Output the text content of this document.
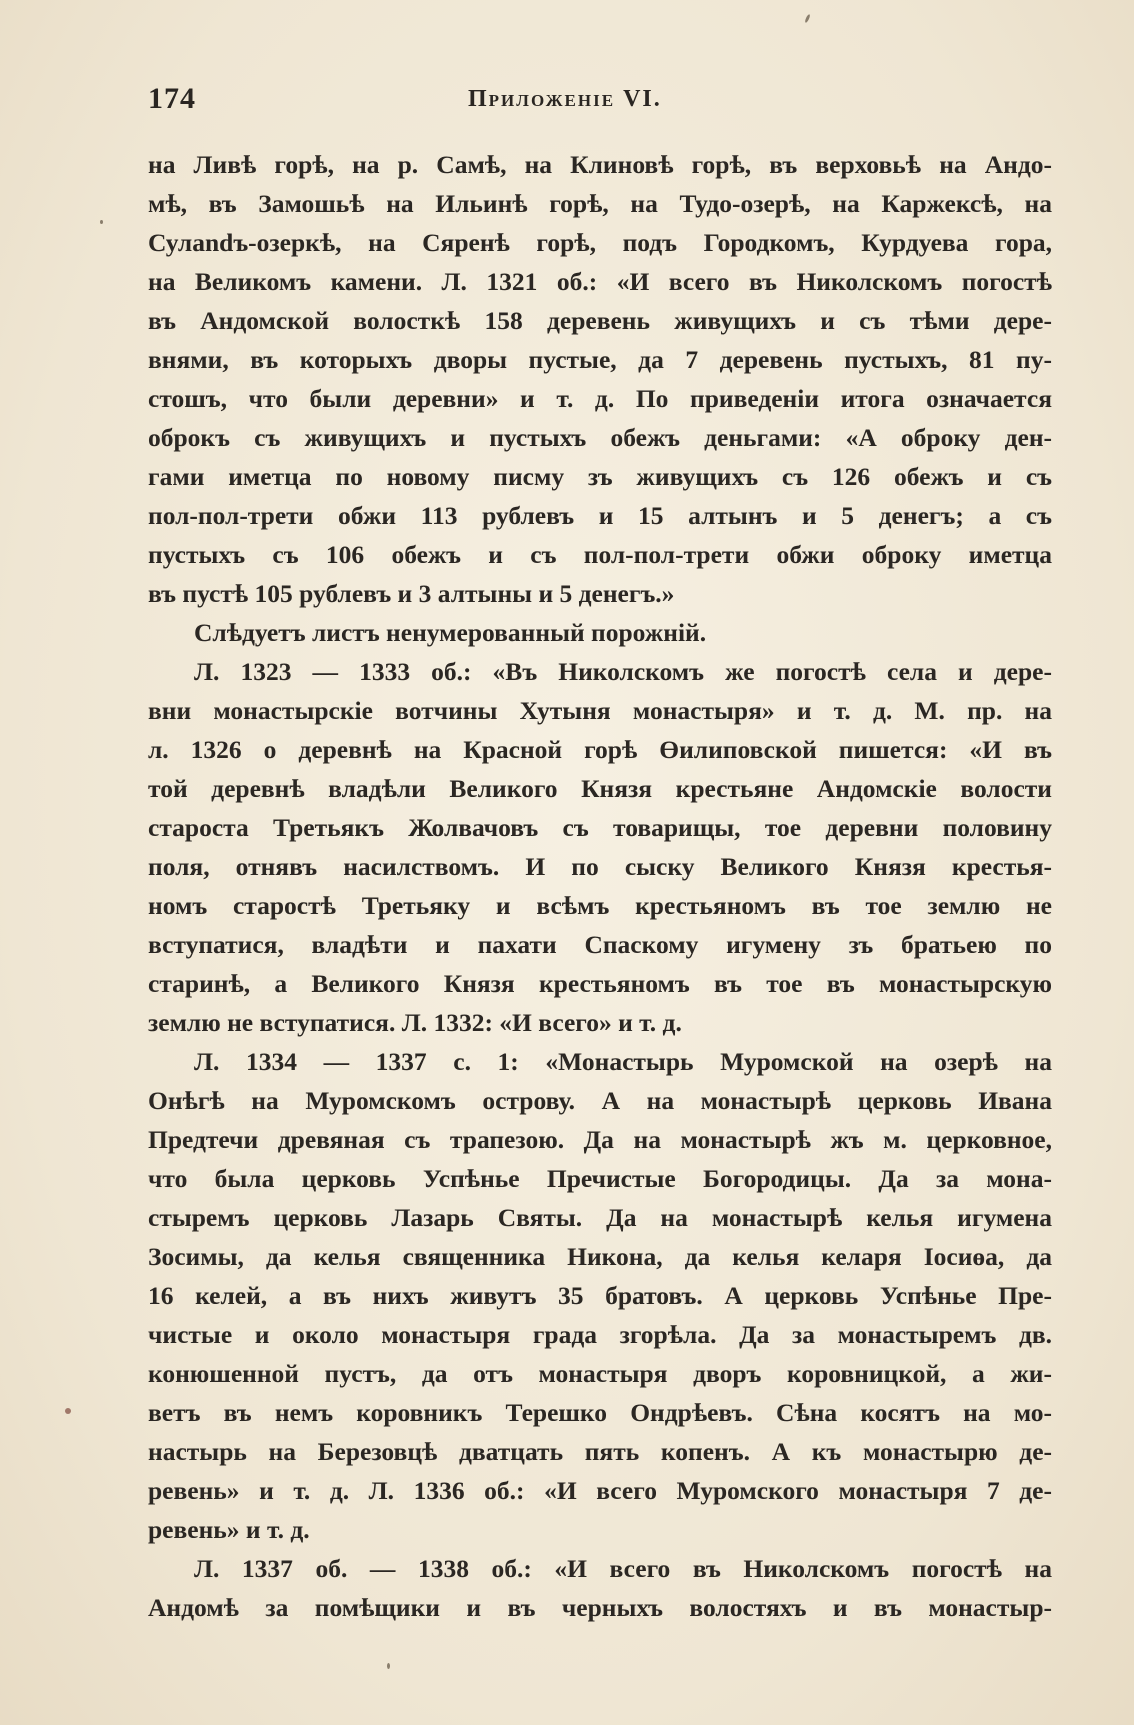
174	Приложенiе VI.
на Ливѣ горѣ, на р. Самѣ, на Клиновѣ горѣ, въ верховьѣ на Андо-
мѣ, въ Замошьѣ на Ильинѣ горѣ, на Тудо-озерѣ, на Каржексѣ, на
Сулandъ-озеркѣ, на Сяренѣ горѣ, подъ Городкомъ, Курдуева гора,
на Великомъ камени. Л. 1321 об.: «И всего въ Николскомъ погостѣ
въ Андомской волосткѣ 158 деревень живущихъ и съ тѣми дере-
внями, въ которыхъ дворы пустые, да 7 деревень пустыхъ, 81 пу-
стошъ, что были деревни» и т. д. По приведенiи итога означается
оброкъ съ живущихъ и пустыхъ обежъ деньгами: «А оброку ден-
гами иметца по новому писму зъ живущихъ съ 126 обежъ и съ
пол-пол-трети обжи 113 рублевъ и 15 алтынъ и 5 денегъ; а съ
пустыхъ съ 106 обежъ и съ пол-пол-трети обжи оброку иметца
въ пустѣ 105 рублевъ и 3 алтыны и 5 денегъ.»
Слѣдуетъ листъ ненумерованный порожнiй.
Л. 1323 — 1333 об.: «Въ Николскомъ же погостѣ села и дере-
вни монастырскiе вотчины Хутыня монастыря» и т. д. М. пр. на
л. 1326 о деревнѣ на Красной горѣ Өилиповской пишется: «И въ
той деревнѣ владѣли Великого Князя крестьяне Андомскiе волости
староста Третьякъ Жолвачовъ съ товарищы, тое деревни половину
поля, отнявъ насилствомъ. И по сыску Великого Князя крестья-
номъ старостѣ Третьяку и всѣмъ крестьяномъ въ тое землю не
вступатися, владѣти и пахати Спаскому игумену зъ братьею по
старинѣ, а Великого Князя крестьяномъ въ тое въ монастырскую
землю не вступатися. Л. 1332: «И всего» и т. д.
Л. 1334 — 1337 с. 1: «Монастырь Муромской на озерѣ на
Онѣгѣ на Муромскомъ острову. А на монастырѣ церковь Ивана
Предтечи древяная съ трапезою. Да на монастырѣ жъ м. церковное,
что была церковь Успѣнье Пречистые Богородицы. Да за мона-
стыремъ церковь Лазарь Святы. Да на монастырѣ келья игумена
Зосимы, да келья священника Никона, да келья келаря Iосиөа, да
16 келей, а въ нихъ живутъ 35 братовъ. А церковь Успѣнье Пре-
чистые и около монастыря града згорѣла. Да за монастыремъ дв.
конюшенной пустъ, да отъ монастыря дворъ коровницкой, а жи-
ветъ въ немъ коровникъ Терешко Ондрѣевъ. Сѣна косятъ на мо-
настырь на Березовцѣ дватцать пять копенъ. А къ монастырю де-
ревень» и т. д. Л. 1336 об.: «И всего Муромского монастыря 7 де-
ревень» и т. д.
Л. 1337 об. — 1338 об.: «И всего въ Николскомъ погостѣ на
Андомѣ за помѣщики и въ черныхъ волостяхъ и въ монастыр-
